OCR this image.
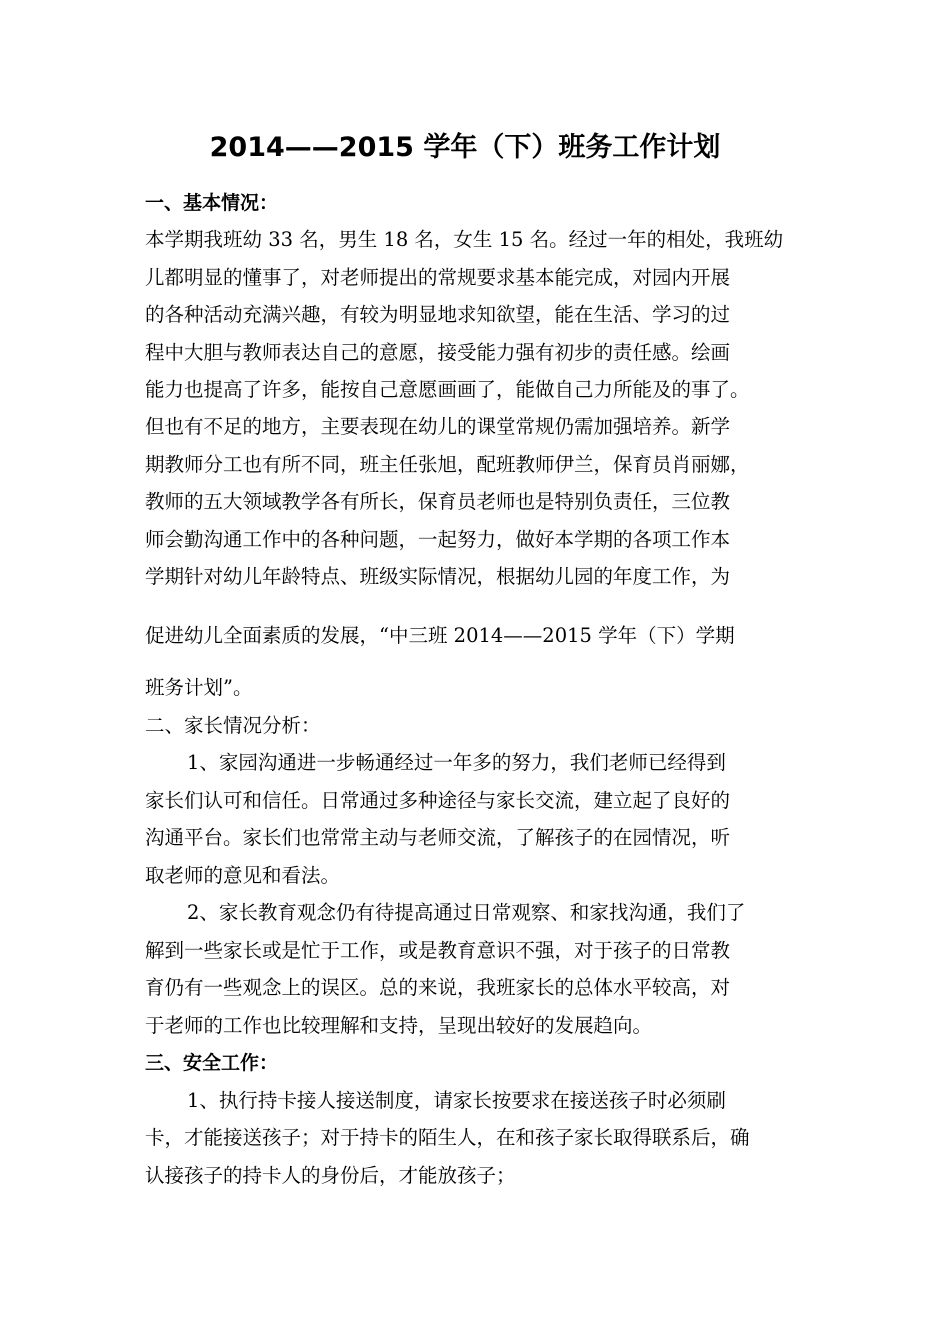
2014——2015 学年（下）班务工作计划
一、基本情况：
本学期我班幼 33 名，男生 18 名，女生 15 名。经过一年的相处，我班幼
儿都明显的懂事了，对老师提出的常规要求基本能完成，对园内开展
的各种活动充满兴趣，有较为明显地求知欲望，能在生活、学习的过
程中大胆与教师表达自己的意愿，接受能力强有初步的责任感。绘画
能力也提高了许多，能按自己意愿画画了，能做自己力所能及的事了。
但也有不足的地方，主要表现在幼儿的课堂常规仍需加强培养。新学
期教师分工也有所不同，班主任张旭，配班教师伊兰，保育员肖丽娜，
教师的五大领域教学各有所长，保育员老师也是特别负责任，三位教
师会勤沟通工作中的各种问题，一起努力，做好本学期的各项工作本
学期针对幼儿年龄特点、班级实际情况，根据幼儿园的年度工作，为
促进幼儿全面素质的发展，“中三班 2014——2015 学年（下）学期
班务计划”。
二、家长情况分析：
1、家园沟通进一步畅通经过一年多的努力，我们老师已经得到
家长们认可和信任。日常通过多种途径与家长交流，建立起了良好的
沟通平台。家长们也常常主动与老师交流，了解孩子的在园情况，听
取老师的意见和看法。
2、家长教育观念仍有待提高通过日常观察、和家找沟通，我们了
解到一些家长或是忙于工作，或是教育意识不强，对于孩子的日常教
育仍有一些观念上的误区。总的来说，我班家长的总体水平较高，对
于老师的工作也比较理解和支持，呈现出较好的发展趋向。
三、安全工作：
1、执行持卡接人接送制度，请家长按要求在接送孩子时必须刷
卡，才能接送孩子；对于持卡的陌生人，在和孩子家长取得联系后，确
认接孩子的持卡人的身份后，才能放孩子；
